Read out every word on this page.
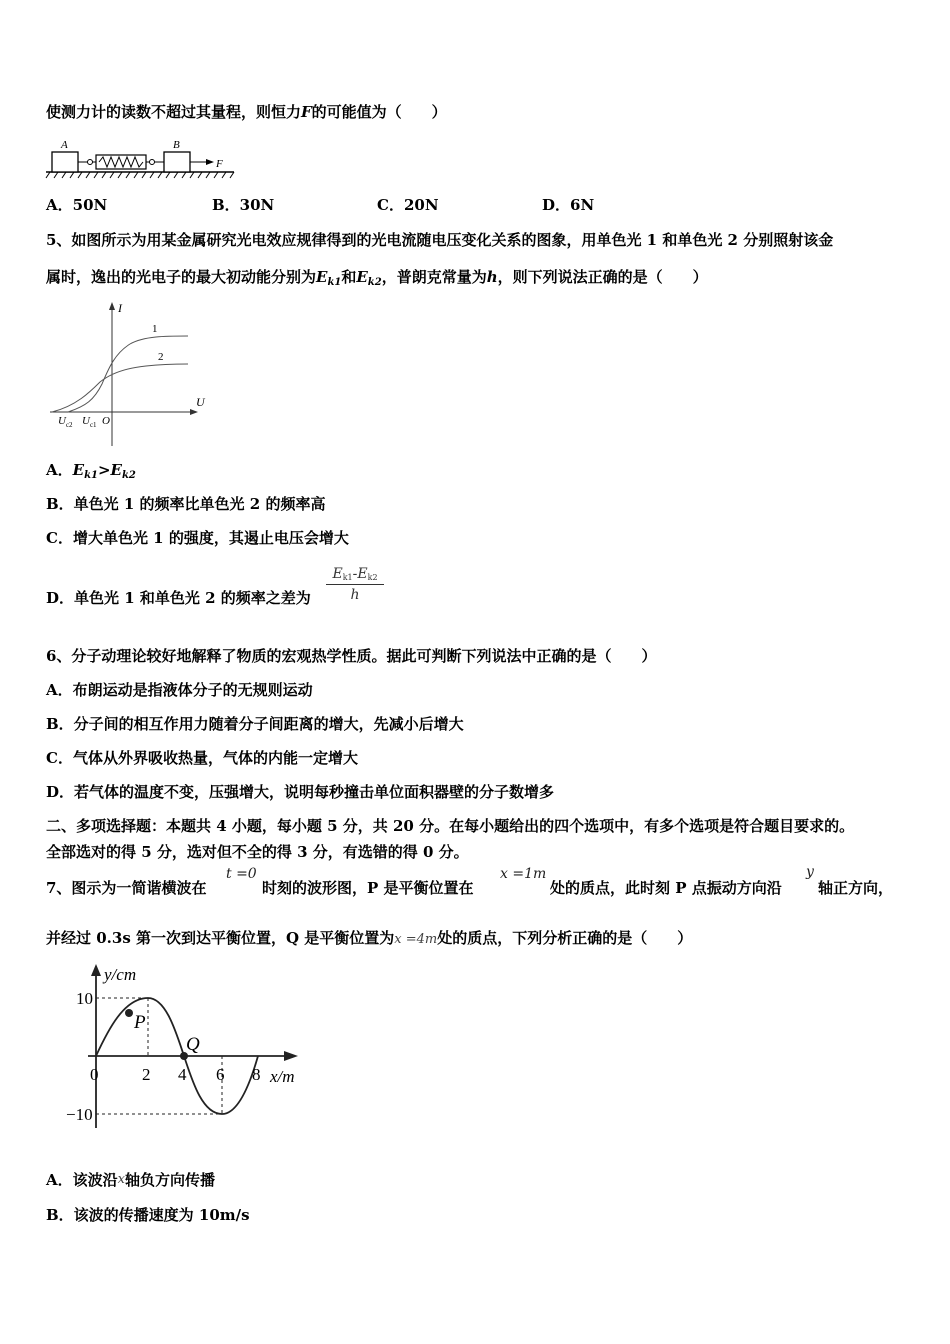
使测力计的读数不超过其量程，则恒力F的可能值为（　　）
A	B
F
A．50N	B．30N	C．20N	D．6N
5、如图所示为用某金属研究光电效应规律得到的光电流随电压变化关系的图象，用单色光 1 和单色光 2 分别照射该金
属时，逸出的光电子的最大初动能分别为$E_{k1}$和$E_{k2}$，普朗克常量为h，则下列说法正确的是（　　）
I
U
1
2
$U_{c2}$ $U_{c1}$ O
A．$E_{k1}>E_{k2}$
B．单色光 1 的频率比单色光 2 的频率高
C．增大单色光 1 的强度，其遏止电压会增大
D．单色光 1 和单色光 2 的频率之差为 $\frac{Ek1-Ek2}{h}$
6、分子动理论较好地解释了物质的宏观热学性质。据此可判断下列说法中正确的是（　　）
A．布朗运动是指液体分子的无规则运动
B．分子间的相互作用力随着分子间距离的增大，先减小后增大
C．气体从外界吸收热量，气体的内能一定增大
D．若气体的温度不变，压强增大，说明每秒撞击单位面积器壁的分子数增多
二、多项选择题：本题共 4 小题，每小题 5 分，共 20 分。在每小题给出的四个选项中，有多个选项是符合题目要求的。
全部选对的得 5 分，选对但不全的得 3 分，有选错的得 0 分。
7、图示为一简谐横波在
t =0
时刻的波形图，P 是平衡位置在
x =1m
处的质点，此时刻 P 点振动方向沿
y
轴正方向，
并经过 0.3s 第一次到达平衡位置，Q 是平衡位置为x =4m处的质点，下列分析正确的是（　　）
y/cm
x/m
P
Q
10
−10
0	2 4 6 8
A．该波沿x轴负方向传播
B．该波的传播速度为 10m/s
